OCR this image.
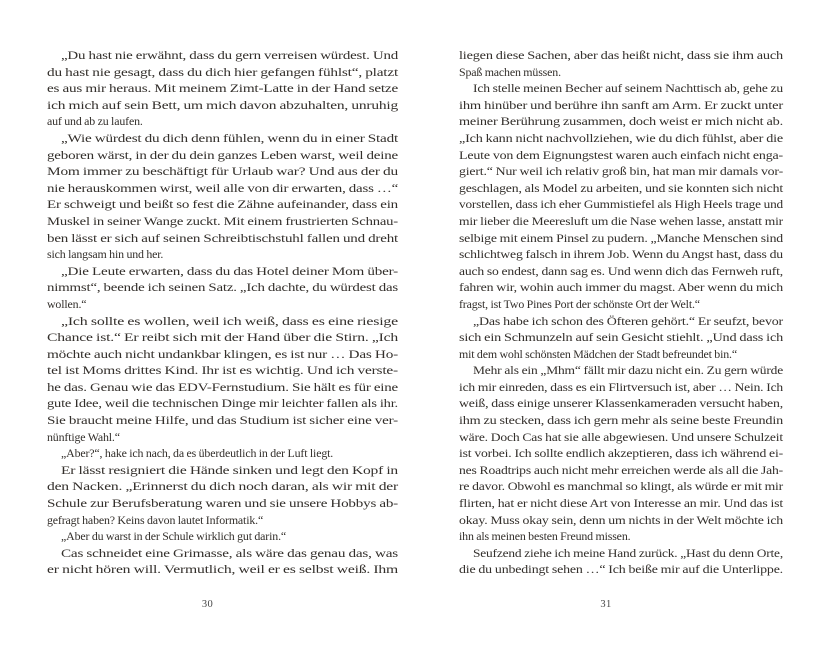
„Du hast nie erwähnt, dass du gern verreisen würdest. Und
du hast nie gesagt, dass du dich hier gefangen fühlst“, platzt
es aus mir heraus. Mit meinem Zimt-Latte in der Hand setze
ich mich auf sein Bett, um mich davon abzuhalten, unruhig
auf und ab zu laufen.
„Wie würdest du dich denn fühlen, wenn du in einer Stadt
geboren wärst, in der du dein ganzes Leben warst, weil deine
Mom immer zu beschäftigt für Urlaub war? Und aus der du
nie herauskommen wirst, weil alle von dir erwarten, dass …“
Er schweigt und beißt so fest die Zähne aufeinander, dass ein
Muskel in seiner Wange zuckt. Mit einem frustrierten Schnau-
ben lässt er sich auf seinen Schreibtischstuhl fallen und dreht
sich langsam hin und her.
„Die Leute erwarten, dass du das Hotel deiner Mom über-
nimmst“, beende ich seinen Satz. „Ich dachte, du würdest das
wollen.“
„Ich sollte es wollen, weil ich weiß, dass es eine riesige
Chance ist.“ Er reibt sich mit der Hand über die Stirn. „Ich
möchte auch nicht undankbar klingen, es ist nur … Das Ho-
tel ist Moms drittes Kind. Ihr ist es wichtig. Und ich verste-
he das. Genau wie das EDV-Fernstudium. Sie hält es für eine
gute Idee, weil die technischen Dinge mir leichter fallen als ihr.
Sie braucht meine Hilfe, und das Studium ist sicher eine ver-
nünftige Wahl.“
„Aber?“, hake ich nach, da es überdeutlich in der Luft liegt.
Er lässt resigniert die Hände sinken und legt den Kopf in
den Nacken. „Erinnerst du dich noch daran, als wir mit der
Schule zur Berufsberatung waren und sie unsere Hobbys ab-
gefragt haben? Keins davon lautet Informatik.“
„Aber du warst in der Schule wirklich gut darin.“
Cas schneidet eine Grimasse, als wäre das genau das, was
er nicht hören will. Vermutlich, weil er es selbst weiß. Ihm
liegen diese Sachen, aber das heißt nicht, dass sie ihm auch
Spaß machen müssen.
Ich stelle meinen Becher auf seinem Nachttisch ab, gehe zu
ihm hinüber und berühre ihn sanft am Arm. Er zuckt unter
meiner Berührung zusammen, doch weist er mich nicht ab.
„Ich kann nicht nachvollziehen, wie du dich fühlst, aber die
Leute von dem Eignungstest waren auch einfach nicht enga-
giert.“ Nur weil ich relativ groß bin, hat man mir damals vor-
geschlagen, als Model zu arbeiten, und sie konnten sich nicht
vorstellen, dass ich eher Gummistiefel als High Heels trage und
mir lieber die Meeresluft um die Nase wehen lasse, anstatt mir
selbige mit einem Pinsel zu pudern. „Manche Menschen sind
schlichtweg falsch in ihrem Job. Wenn du Angst hast, dass du
auch so endest, dann sag es. Und wenn dich das Fernweh ruft,
fahren wir, wohin auch immer du magst. Aber wenn du mich
fragst, ist Two Pines Port der schönste Ort der Welt.“
„Das habe ich schon des Öfteren gehört.“ Er seufzt, bevor
sich ein Schmunzeln auf sein Gesicht stiehlt. „Und dass ich
mit dem wohl schönsten Mädchen der Stadt befreundet bin.“
Mehr als ein „Mhm“ fällt mir dazu nicht ein. Zu gern würde
ich mir einreden, dass es ein Flirtversuch ist, aber … Nein. Ich
weiß, dass einige unserer Klassenkameraden versucht haben,
ihm zu stecken, dass ich gern mehr als seine beste Freundin
wäre. Doch Cas hat sie alle abgewiesen. Und unsere Schulzeit
ist vorbei. Ich sollte endlich akzeptieren, dass ich während ei-
nes Roadtrips auch nicht mehr erreichen werde als all die Jah-
re davor. Obwohl es manchmal so klingt, als würde er mit mir
flirten, hat er nicht diese Art von Interesse an mir. Und das ist
okay. Muss okay sein, denn um nichts in der Welt möchte ich
ihn als meinen besten Freund missen.
Seufzend ziehe ich meine Hand zurück. „Hast du denn Orte,
die du unbedingt sehen …“ Ich beiße mir auf die Unterlippe.
30	31
